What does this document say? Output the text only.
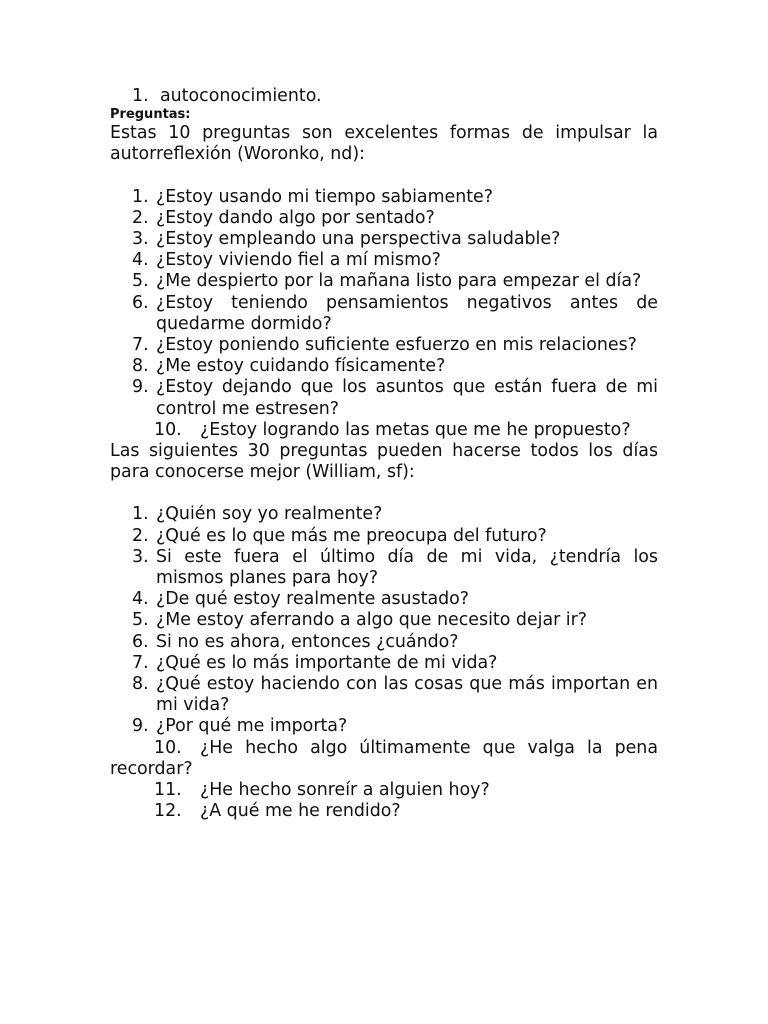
1. autoconocimiento.
Preguntas:
Estas 10 preguntas son excelentes formas de impulsar la autorreflexión (Woronko, nd):
1. ¿Estoy usando mi tiempo sabiamente?
2. ¿Estoy dando algo por sentado?
3. ¿Estoy empleando una perspectiva saludable?
4. ¿Estoy viviendo fiel a mí mismo?
5. ¿Me despierto por la mañana listo para empezar el día?
6. ¿Estoy teniendo pensamientos negativos antes de quedarme dormido?
7. ¿Estoy poniendo suficiente esfuerzo en mis relaciones?
8. ¿Me estoy cuidando físicamente?
9. ¿Estoy dejando que los asuntos que están fuera de mi control me estresen?
10. ¿Estoy logrando las metas que me he propuesto?
Las siguientes 30 preguntas pueden hacerse todos los días para conocerse mejor (William, sf):
1. ¿Quién soy yo realmente?
2. ¿Qué es lo que más me preocupa del futuro?
3. Si este fuera el último día de mi vida, ¿tendría los mismos planes para hoy?
4. ¿De qué estoy realmente asustado?
5. ¿Me estoy aferrando a algo que necesito dejar ir?
6. Si no es ahora, entonces ¿cuándo?
7. ¿Qué es lo más importante de mi vida?
8. ¿Qué estoy haciendo con las cosas que más importan en mi vida?
9. ¿Por qué me importa?
10. ¿He hecho algo últimamente que valga la pena recordar?
11. ¿He hecho sonreír a alguien hoy?
12. ¿A qué me he rendido?
